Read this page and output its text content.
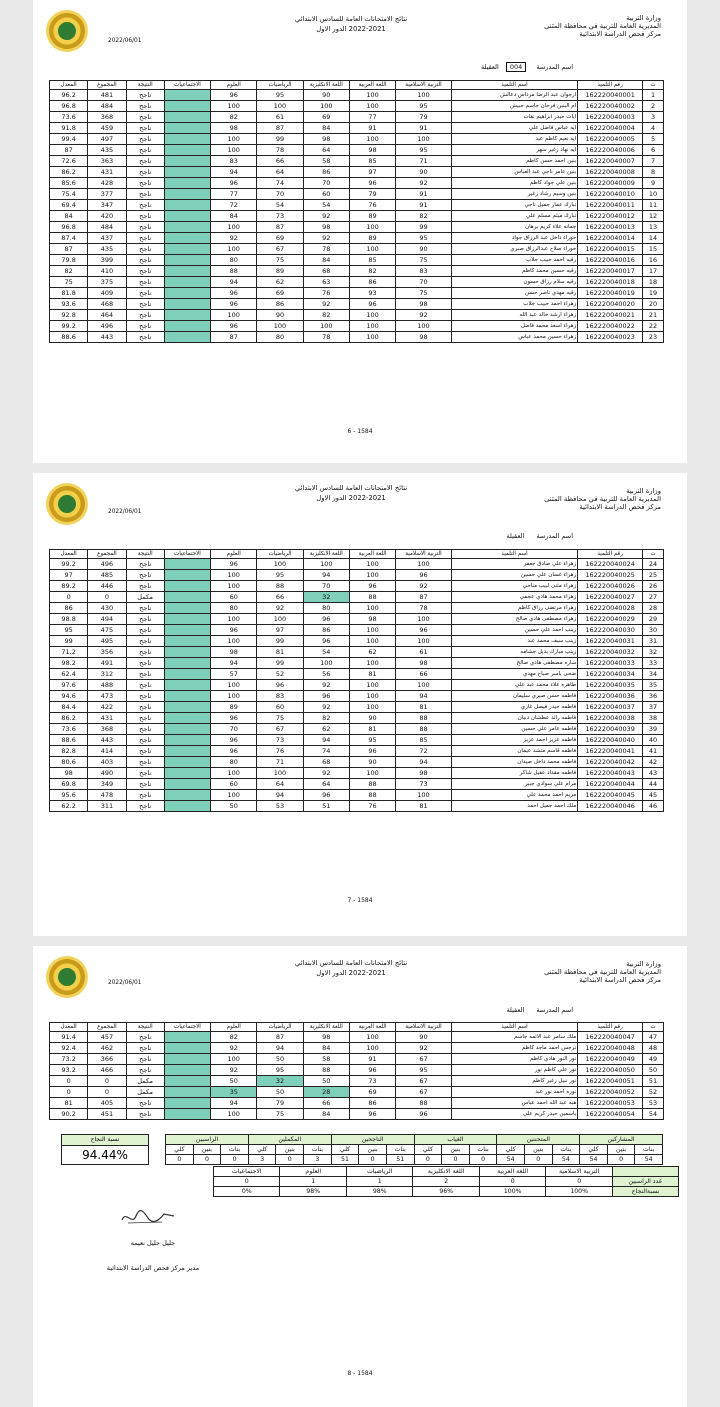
وزارة التربية
المديرية العامة للتربية في محافظة المثنى
مركز فحص الدراسة الابتدائية
نتائج الامتحانات العامة للسادس الابتدائي
2022-2021 الدور الاول
2022/06/01
اسم المدرسة004 العقيلة
ت	رقم التلميذ	اسم التلميذ	التربية الاسلامية	اللغة العربية	اللغة الانكليزية	الرياضيات	العلوم	الاجتماعيات	النتيجة	المجموع	المعدل
1	162220040001	ارجوان عبد الرضا مرداس دعالش	100	100	90	95	96		ناجح	481	96.2
2	162220040002	ام البنين فرحان جاسم حبيش	95	100	100	100	100		ناجح	484	96.8
3	162220040003	ايات حيدر ابراهيم نفات	79	77	69	61	82		ناجح	368	73.6
4	162220040004	ايه عباس فاضل علي	91	91	84	87	98		ناجح	459	91.8
5	162220040005	ايه نعيم كاظم عبد	100	100	98	99	100		ناجح	497	99.4
6	162220040006	ايه نهاد زغير سهر	95	98	64	78	100		ناجح	435	87
7	162220040007	بنين احمد حسن كاظم	71	85	58	66	83		ناجح	363	72.6
8	162220040008	بنين عامر ناجي عبد العباس	90	97	86	64	94		ناجح	431	86.2
9	162220040009	بنين علي جواد كاظم	92	96	70	74	96		ناجح	428	85.6
10	162220040010	بنين وسيم رشاد زغير	91	79	60	70	77		ناجح	377	75.4
11	162220040011	تبارك عمار جميل ناجي	91	76	54	54	72		ناجح	347	69.4
12	162220040012	تبارك ميثم مسلم علي	82	89	92	73	84		ناجح	420	84
13	162220040013	جمانه علاء كريم برهان	99	100	98	87	100		ناجح	484	96.8
14	162220040014	حوراء داخل عبد الرزاق جواد	95	89	92	69	92		ناجح	437	87.4
15	162220040015	حوراء صلاح عبدالرزاق صبري	90	100	78	67	100		ناجح	435	87
16	162220040016	رقيه احمد حبيب جلاب	75	85	84	75	80		ناجح	399	79.8
17	162220040017	رقيه حسين محمد كاظم	83	82	68	89	88		ناجح	410	82
18	162220040018	رقيه سلام رزاق حسون	70	86	63	62	94		ناجح	375	75
19	162220040019	رقيه مهدي ناصر حسن	75	93	76	69	96		ناجح	409	81.8
20	162220040020	زهراء احمد حبيب جلاب	98	96	92	86	96		ناجح	468	93.6
21	162220040021	زهراء ارشد خالد عبد الله	92	100	82	90	100		ناجح	464	92.8
22	162220040022	زهراء اسعد محمد فاضل	100	100	100	100	96		ناجح	496	99.2
23	162220040023	زهراء حسين محمد عباس	98	100	78	80	87		ناجح	443	88.6
6 - 1584
وزارة التربية
المديرية العامة للتربية في محافظة المثنى
مركز فحص الدراسة الابتدائية
نتائج الامتحانات العامة للسادس الابتدائي
2022-2021 الدور الاول
2022/06/01
اسم المدرسة العقيلة
ت	رقم التلميذ	اسم التلميذ	التربية الاسلامية	اللغة العربية	اللغة الانكليزية	الرياضيات	العلوم	الاجتماعيات	النتيجة	المجموع	المعدل
24	162220040024	زهراء علي صادق جعفر	100	100	100	100	96		ناجح	496	99.2
25	162220040025	زهراء غسان علي حسين	96	100	94	95	100		ناجح	485	97
26	162220040026	زهراء مثنى لبيب مناحي	92	96	70	88	100		ناجح	446	89.2
27	162220040027	زهراء محمد هادي عجمي	87	88	32	66	60		مكمل	0	0
28	162220040028	زهراء مرتضى رزاق كاظم	78	100	80	92	80		ناجح	430	86
29	162220040029	زهراء مصطفى هادي صالح	100	98	96	100	100		ناجح	494	98.8
30	162220040030	زينب احمد علي حسين	96	100	86	97	96		ناجح	475	95
31	162220040031	زينب سيف محمد عبد	100	100	96	99	100		ناجح	495	99
32	162220040032	زينب مبارك بديل جشامه	61	62	54	81	98		ناجح	356	71.2
33	162220040033	ساره مصطفى هادي صالح	98	100	100	99	94		ناجح	491	98.2
34	162220040034	ضحى ياسر صباح مهدي	66	81	56	52	57		ناجح	312	62.4
35	162220040035	طاهره علاء محمد عبد علي	100	100	92	96	100		ناجح	488	97.6
36	162220040036	فاطمه حسن صبري سليمان	94	100	96	83	100		ناجح	473	94.6
37	162220040037	فاطمه حيدر فيصل غازي	81	100	92	60	89		ناجح	422	84.4
38	162220040038	فاطمه رائد عطشان دبيان	88	90	82	75	96		ناجح	431	86.2
39	162220040039	فاطمه عامر علي حسين	88	81	62	67	70		ناجح	368	73.6
40	162220040040	فاطمه عزيز احمد عزيز	85	95	94	73	96		ناجح	443	88.6
41	162220040041	فاطمه قاسم منشد عيمان	72	96	74	76	96		ناجح	414	82.8
42	162220040042	فاطمه محمد داخل صيدان	94	90	68	71	80		ناجح	403	80.6
43	162220040043	فاطمه مقداد عقيل شاكر	98	100	92	100	100		ناجح	490	98
44	162220040044	مرام علي سوادي جبير	73	88	64	64	60		ناجح	349	69.8
45	162220040045	مريم احمد محمد علي	100	88	96	94	100		ناجح	478	95.6
46	162220040046	ملك احمد جميل احمد	81	76	51	53	50		ناجح	311	62.2
7 - 1584
وزارة التربية
المديرية العامة للتربية في محافظة المثنى
مركز فحص الدراسة الابتدائية
نتائج الامتحانات العامة للسادس الابتدائي
2022-2021 الدور الاول
2022/06/01
اسم المدرسة العقيلة
ت	رقم التلميذ	اسم التلميذ	التربية الاسلامية	اللغة العربية	اللغة الانكليزية	الرياضيات	العلوم	الاجتماعيات	النتيجة	المجموع	المعدل
47	162220040047	ملك سامر عبد الائمه جاسم	90	100	98	87	82		ناجح	457	91.4
48	162220040048	نرجس احمد ماجد كاظم	92	100	84	94	92		ناجح	462	92.4
49	162220040049	نور النور هادي كاظم	67	91	58	50	100		ناجح	366	73.2
50	162220040050	نور علي كاظم نور	95	96	88	95	92		ناجح	466	93.2
51	162220040051	نور نبيل زغير كاظم	67	73	50	32	50		مكمل	0	0
52	162220040052	نوره احمد نور عبد	67	69	28	50	35		مكمل	0	0
53	162220040053	هبه عبد الله احمد عباس	88	86	66	79	94		ناجح	405	81
54	162220040054	ياسمين حيدر كريم علي	96	96	84	75	100		ناجح	451	90.2
نسبة النجاح
94.44%
المشاركين			المتحننين			الغياب			الناجحين			المكملين			الراسبين		
بنات	بنين	كلي	بنات	بنين	كلي	بنات	بنين	كلي	بنات	بنين	كلي	بنات	بنين	كلي	بنات	بنين	كلي
54	0	54	54	0	54	0	0	0	51	0	51	3	0	3	0	0	0
	التربية الاسلامية	اللغة العربية	اللغة الانكليزية	الرياضيات	العلوم	الاجتماعيات
عدد الراسبين	0	0	2	1	1	0
نسبةالنجاح	100%	100%	96%	98%	98%	0%
جليل جليل نعيمه
مدير مركز فحص الدراسة الابتدائية
8 - 1584
